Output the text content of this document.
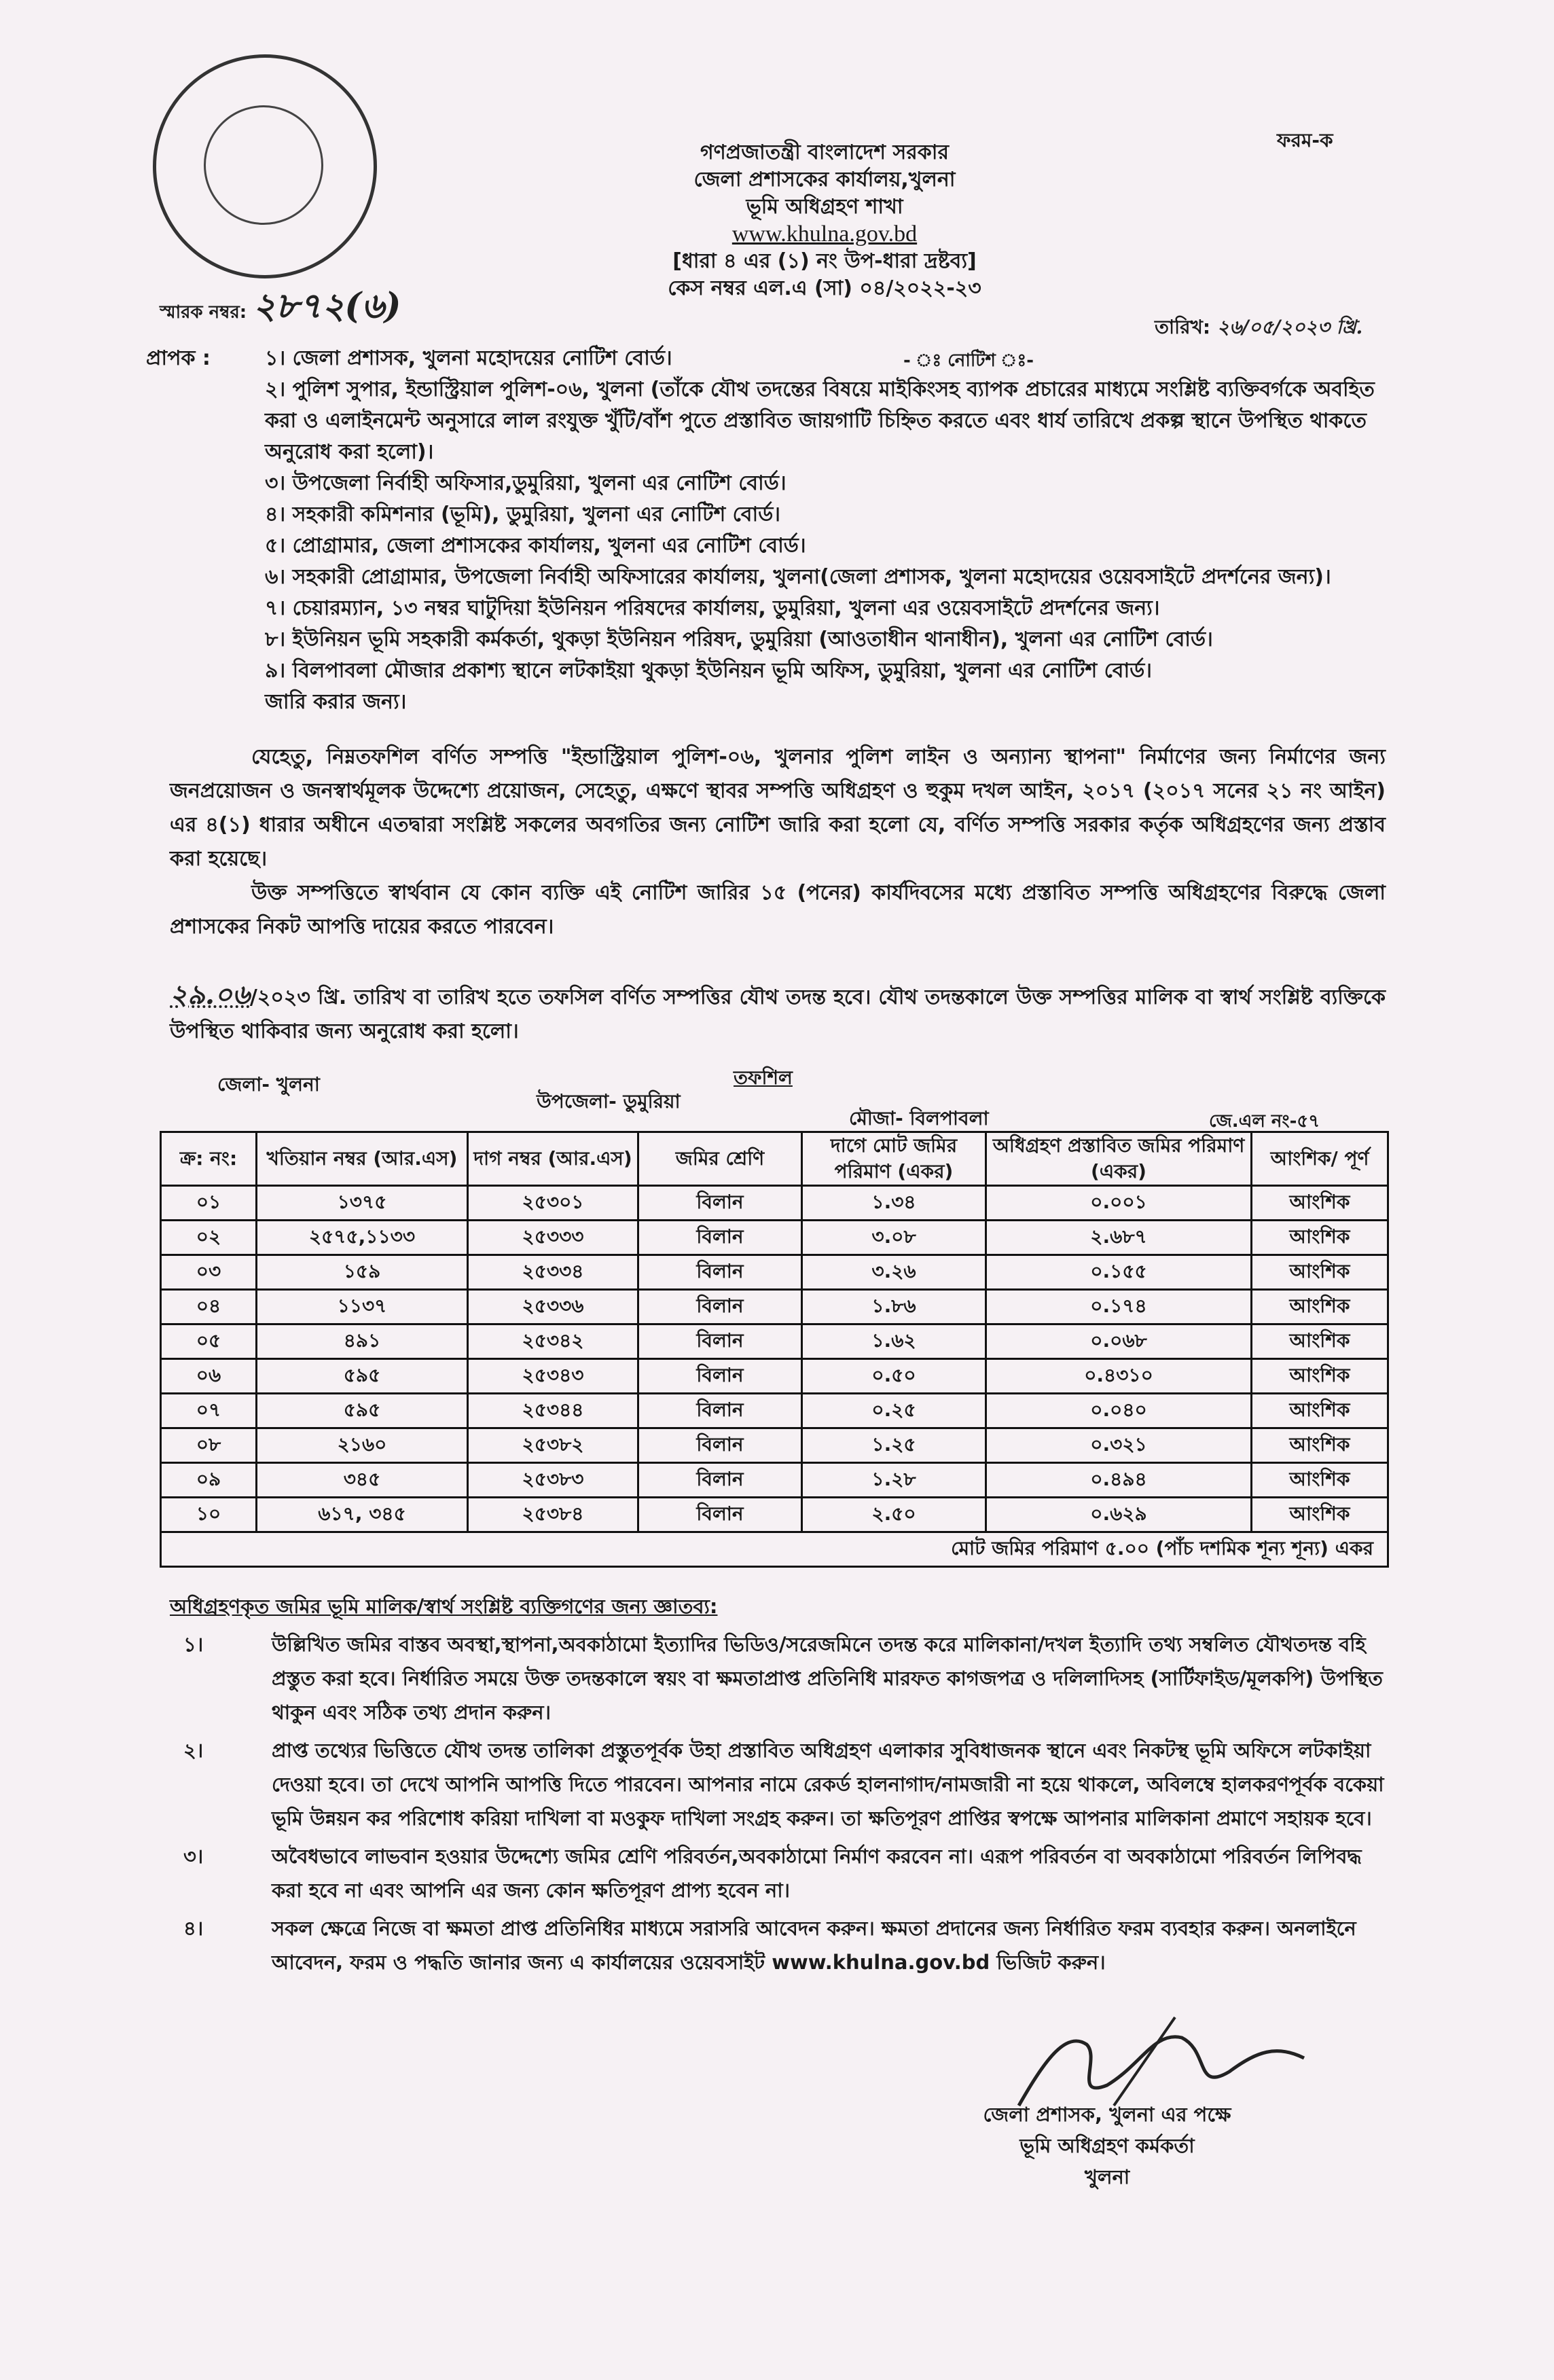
ফরম-ক
গণপ্রজাতন্ত্রী বাংলাদেশ সরকার
জেলা প্রশাসকের কার্যালয়,খুলনা
ভূমি অধিগ্রহণ শাখা
www.khulna.gov.bd
[ধারা ৪ এর (১) নং উপ-ধারা দ্রষ্টব্য]
কেস নম্বর এল.এ (সা) ০৪/২০২২-২৩
স্মারক নম্বর: ২৮৭২(৬)
তারিখ: ২৬/০৫/২০২৩ খ্রি.
- ঃ নোটিশ ঃ-
প্রাপক :	১। জেলা প্রশাসক, খুলনা মহোদয়ের নোটিশ বোর্ড।
২। পুলিশ সুপার, ইন্ডাস্ট্রিয়াল পুলিশ-০৬, খুলনা (তাঁকে যৌথ তদন্তের বিষয়ে মাইকিংসহ ব্যাপক প্রচারের মাধ্যমে সংশ্লিষ্ট ব্যক্তিবর্গকে অবহিত করা ও এলাইনমেন্ট অনুসারে লাল রংযুক্ত খুঁটি/বাঁশ পুতে প্রস্তাবিত জায়গাটি চিহ্নিত করতে এবং ধার্য তারিখে প্রকল্প স্থানে উপস্থিত থাকতে অনুরোধ করা হলো)।
৩। উপজেলা নির্বাহী অফিসার,ডুমুরিয়া, খুলনা এর নোটিশ বোর্ড।
৪। সহকারী কমিশনার (ভূমি), ডুমুরিয়া, খুলনা এর নোটিশ বোর্ড।
৫। প্রোগ্রামার, জেলা প্রশাসকের কার্যালয়, খুলনা এর নোটিশ বোর্ড।
৬। সহকারী প্রোগ্রামার, উপজেলা নির্বাহী অফিসারের কার্যালয়, খুলনা(জেলা প্রশাসক, খুলনা মহোদয়ের ওয়েবসাইটে প্রদর্শনের জন্য)।
৭। চেয়ারম্যান, ১৩ নম্বর ঘাটুদিয়া ইউনিয়ন পরিষদের কার্যালয়, ডুমুরিয়া, খুলনা এর ওয়েবসাইটে প্রদর্শনের জন্য।
৮। ইউনিয়ন ভূমি সহকারী কর্মকর্তা, থুকড়া ইউনিয়ন পরিষদ, ডুমুরিয়া (আওতাধীন থানাধীন), খুলনা এর নোটিশ বোর্ড।
৯। বিলপাবলা মৌজার প্রকাশ্য স্থানে লটকাইয়া থুকড়া ইউনিয়ন ভূমি অফিস, ডুমুরিয়া, খুলনা এর নোটিশ বোর্ড।
জারি করার জন্য।
যেহেতু, নিম্নতফশিল বর্ণিত সম্পত্তি "ইন্ডাস্ট্রিয়াল পুলিশ-০৬, খুলনার পুলিশ লাইন ও অন্যান্য স্থাপনা" নির্মাণের জন্য নির্মাণের জন্য জনপ্রয়োজন ও জনস্বার্থমূলক উদ্দেশ্যে প্রয়োজন, সেহেতু, এক্ষণে স্থাবর সম্পত্তি অধিগ্রহণ ও হুকুম দখল আইন, ২০১৭ (২০১৭ সনের ২১ নং আইন) এর ৪(১) ধারার অধীনে এতদ্বারা সংশ্লিষ্ট সকলের অবগতির জন্য নোটিশ জারি করা হলো যে, বর্ণিত সম্পত্তি সরকার কর্তৃক অধিগ্রহণের জন্য প্রস্তাব করা হয়েছে।
উক্ত সম্পত্তিতে স্বার্থবান যে কোন ব্যক্তি এই নোটিশ জারির ১৫ (পনের) কার্যদিবসের মধ্যে প্রস্তাবিত সম্পত্তি অধিগ্রহণের বিরুদ্ধে জেলা প্রশাসকের নিকট আপত্তি দায়ের করতে পারবেন।
২৯.০৬/২০২৩ খ্রি. তারিখ বা তারিখ হতে তফসিল বর্ণিত সম্পত্তির যৌথ তদন্ত হবে। যৌথ তদন্তকালে উক্ত সম্পত্তির মালিক বা স্বার্থ সংশ্লিষ্ট ব্যক্তিকে উপস্থিত থাকিবার জন্য অনুরোধ করা হলো।
তফশিল
জেলা- খুলনা
উপজেলা- ডুমুরিয়া
মৌজা- বিলপাবলা	জে.এল নং-৫৭
ক্র: নং:	খতিয়ান নম্বর (আর.এস)	দাগ নম্বর (আর.এস)	জমির শ্রেণি	দাগে মোট জমির পরিমাণ (একর)	অধিগ্রহণ প্রস্তাবিত জমির পরিমাণ (একর)	আংশিক/ পূর্ণ
০১	১৩৭৫	২৫৩০১	বিলান	১.৩৪	০.০০১	আংশিক
০২	২৫৭৫,১১৩৩	২৫৩৩৩	বিলান	৩.০৮	২.৬৮৭	আংশিক
০৩	১৫৯	২৫৩৩৪	বিলান	৩.২৬	০.১৫৫	আংশিক
০৪	১১৩৭	২৫৩৩৬	বিলান	১.৮৬	০.১৭৪	আংশিক
০৫	৪৯১	২৫৩৪২	বিলান	১.৬২	০.০৬৮	আংশিক
০৬	৫৯৫	২৫৩৪৩	বিলান	০.৫০	০.৪৩১০	আংশিক
০৭	৫৯৫	২৫৩৪৪	বিলান	০.২৫	০.০৪০	আংশিক
০৮	২১৬০	২৫৩৮২	বিলান	১.২৫	০.৩২১	আংশিক
০৯	৩৪৫	২৫৩৮৩	বিলান	১.২৮	০.৪৯৪	আংশিক
১০	৬১৭, ৩৪৫	২৫৩৮৪	বিলান	২.৫০	০.৬২৯	আংশিক
মোট জমির পরিমাণ ৫.০০ (পাঁচ দশমিক শূন্য শূন্য) একর						
অধিগ্রহণকৃত জমির ভূমি মালিক/স্বার্থ সংশ্লিষ্ট ব্যক্তিগণের জন্য জ্ঞাতব্য:
১।	উল্লিখিত জমির বাস্তব অবস্থা,স্থাপনা,অবকাঠামো ইত্যাদির ভিডিও/সরেজমিনে তদন্ত করে মালিকানা/দখল ইত্যাদি তথ্য সম্বলিত যৌথতদন্ত বহি প্রস্তুত করা হবে। নির্ধারিত সময়ে উক্ত তদন্তকালে স্বয়ং বা ক্ষমতাপ্রাপ্ত প্রতিনিধি মারফত কাগজপত্র ও দলিলাদিসহ (সার্টিফাইড/মূলকপি) উপস্থিত থাকুন এবং সঠিক তথ্য প্রদান করুন।
২।	প্রাপ্ত তথ্যের ভিত্তিতে যৌথ তদন্ত তালিকা প্রস্তুতপূর্বক উহা প্রস্তাবিত অধিগ্রহণ এলাকার সুবিধাজনক স্থানে এবং নিকটস্থ ভূমি অফিসে লটকাইয়া দেওয়া হবে। তা দেখে আপনি আপত্তি দিতে পারবেন। আপনার নামে রেকর্ড হালনাগাদ/নামজারী না হয়ে থাকলে, অবিলম্বে হালকরণপূর্বক বকেয়া ভূমি উন্নয়ন কর পরিশোধ করিয়া দাখিলা বা মওকুফ দাখিলা সংগ্রহ করুন। তা ক্ষতিপূরণ প্রাপ্তির স্বপক্ষে আপনার মালিকানা প্রমাণে সহায়ক হবে।
৩।	অবৈধভাবে লাভবান হওয়ার উদ্দেশ্যে জমির শ্রেণি পরিবর্তন,অবকাঠামো নির্মাণ করবেন না। এরূপ পরিবর্তন বা অবকাঠামো পরিবর্তন লিপিবদ্ধ করা হবে না এবং আপনি এর জন্য কোন ক্ষতিপূরণ প্রাপ্য হবেন না।
৪।	সকল ক্ষেত্রে নিজে বা ক্ষমতা প্রাপ্ত প্রতিনিধির মাধ্যমে সরাসরি আবেদন করুন। ক্ষমতা প্রদানের জন্য নির্ধারিত ফরম ব্যবহার করুন। অনলাইনে আবেদন, ফরম ও পদ্ধতি জানার জন্য এ কার্যালয়ের ওয়েবসাইট www.khulna.gov.bd ভিজিট করুন।
জেলা প্রশাসক, খুলনা এর পক্ষে
ভূমি অধিগ্রহণ কর্মকর্তা
খুলনা
